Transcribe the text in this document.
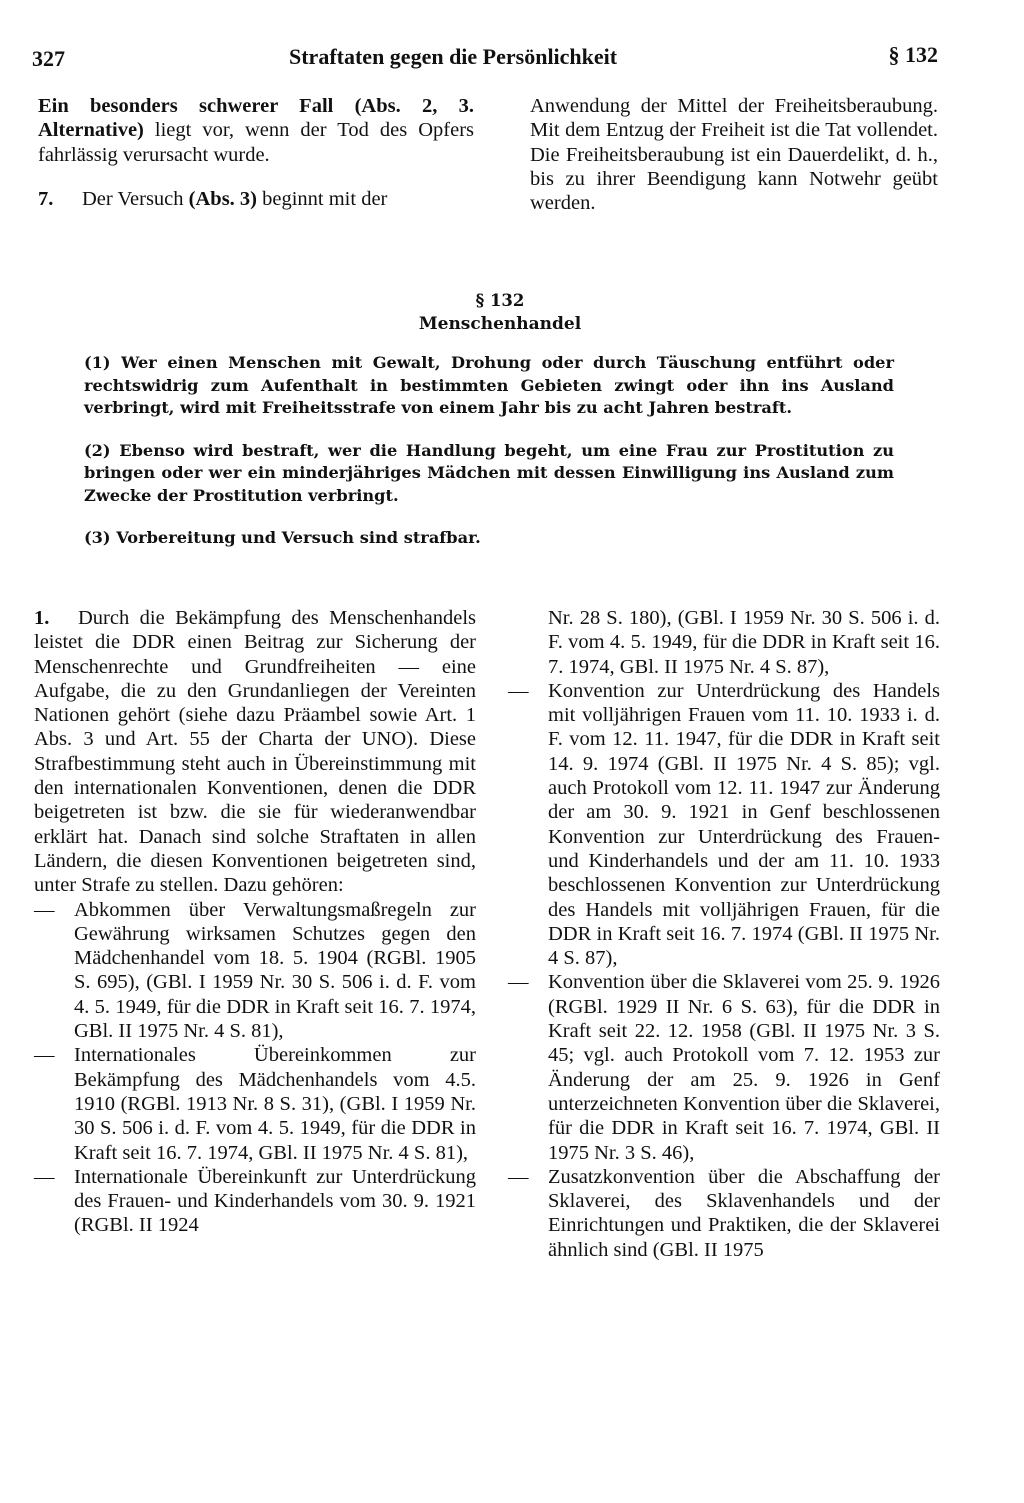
327	Straftaten gegen die Persönlichkeit	§ 132

Ein besonders schwerer Fall (Abs. 2, 3. Alternative) liegt vor, wenn der Tod des Opfers fahrlässig verursacht wurde.

7. Der Versuch (Abs. 3) beginnt mit der

Anwendung der Mittel der Freiheitsberaubung. Mit dem Entzug der Freiheit ist die Tat vollendet. Die Freiheitsberaubung ist ein Dauerdelikt, d. h., bis zu ihrer Beendigung kann Notwehr geübt werden.

§ 132
Menschenhandel

(1) Wer einen Menschen mit Gewalt, Drohung oder durch Täuschung entführt oder rechtswidrig zum Aufenthalt in bestimmten Gebieten zwingt oder ihn ins Ausland verbringt, wird mit Freiheitsstrafe von einem Jahr bis zu acht Jahren bestraft.

(2) Ebenso wird bestraft, wer die Handlung begeht, um eine Frau zur Prostitution zu bringen oder wer ein minderjähriges Mädchen mit dessen Einwilligung ins Ausland zum Zwecke der Prostitution verbringt.

(3) Vorbereitung und Versuch sind strafbar.

1. Durch die Bekämpfung des Menschenhandels leistet die DDR einen Beitrag zur Sicherung der Menschenrechte und Grundfreiheiten — eine Aufgabe, die zu den Grundanliegen der Vereinten Nationen gehört (siehe dazu Präambel sowie Art. 1 Abs. 3 und Art. 55 der Charta der UNO). Diese Strafbestimmung steht auch in Übereinstimmung mit den internationalen Konventionen, denen die DDR beigetreten ist bzw. die sie für wiederanwendbar erklärt hat. Danach sind solche Straftaten in allen Ländern, die diesen Konventionen beigetreten sind, unter Strafe zu stellen. Dazu gehören:

— Abkommen über Verwaltungsmaßregeln zur Gewährung wirksamen Schutzes gegen den Mädchenhandel vom 18. 5. 1904 (RGBl. 1905 S. 695), (GBl. I 1959 Nr. 30 S. 506 i. d. F. vom 4. 5. 1949, für die DDR in Kraft seit 16. 7. 1974, GBl. II 1975 Nr. 4 S. 81),
— Internationales Übereinkommen zur Bekämpfung des Mädchenhandels vom 4.5. 1910 (RGBl. 1913 Nr. 8 S. 31), (GBl. I 1959 Nr. 30 S. 506 i. d. F. vom 4. 5. 1949, für die DDR in Kraft seit 16. 7. 1974, GBl. II 1975 Nr. 4 S. 81),
— Internationale Übereinkunft zur Unterdrückung des Frauen- und Kinderhandels vom 30. 9. 1921 (RGBl. II 1924
Nr. 28 S. 180), (GBl. I 1959 Nr. 30 S. 506 i. d. F. vom 4. 5. 1949, für die DDR in Kraft seit 16. 7. 1974, GBl. II 1975 Nr. 4 S. 87),
— Konvention zur Unterdrückung des Handels mit volljährigen Frauen vom 11. 10. 1933 i. d. F. vom 12. 11. 1947, für die DDR in Kraft seit 14. 9. 1974 (GBl. II 1975 Nr. 4 S. 85); vgl. auch Protokoll vom 12. 11. 1947 zur Änderung der am 30. 9. 1921 in Genf beschlossenen Konvention zur Unterdrückung des Frauen- und Kinderhandels und der am 11. 10. 1933 beschlossenen Konvention zur Unterdrückung des Handels mit volljährigen Frauen, für die DDR in Kraft seit 16. 7. 1974 (GBl. II 1975 Nr. 4 S. 87),
— Konvention über die Sklaverei vom 25. 9. 1926 (RGBl. 1929 II Nr. 6 S. 63), für die DDR in Kraft seit 22. 12. 1958 (GBl. II 1975 Nr. 3 S. 45; vgl. auch Protokoll vom 7. 12. 1953 zur Änderung der am 25. 9. 1926 in Genf unterzeichneten Konvention über die Sklaverei, für die DDR in Kraft seit 16. 7. 1974, GBl. II 1975 Nr. 3 S. 46),
— Zusatzkonvention über die Abschaffung der Sklaverei, des Sklavenhandels und der Einrichtungen und Praktiken, die der Sklaverei ähnlich sind (GBl. II 1975
